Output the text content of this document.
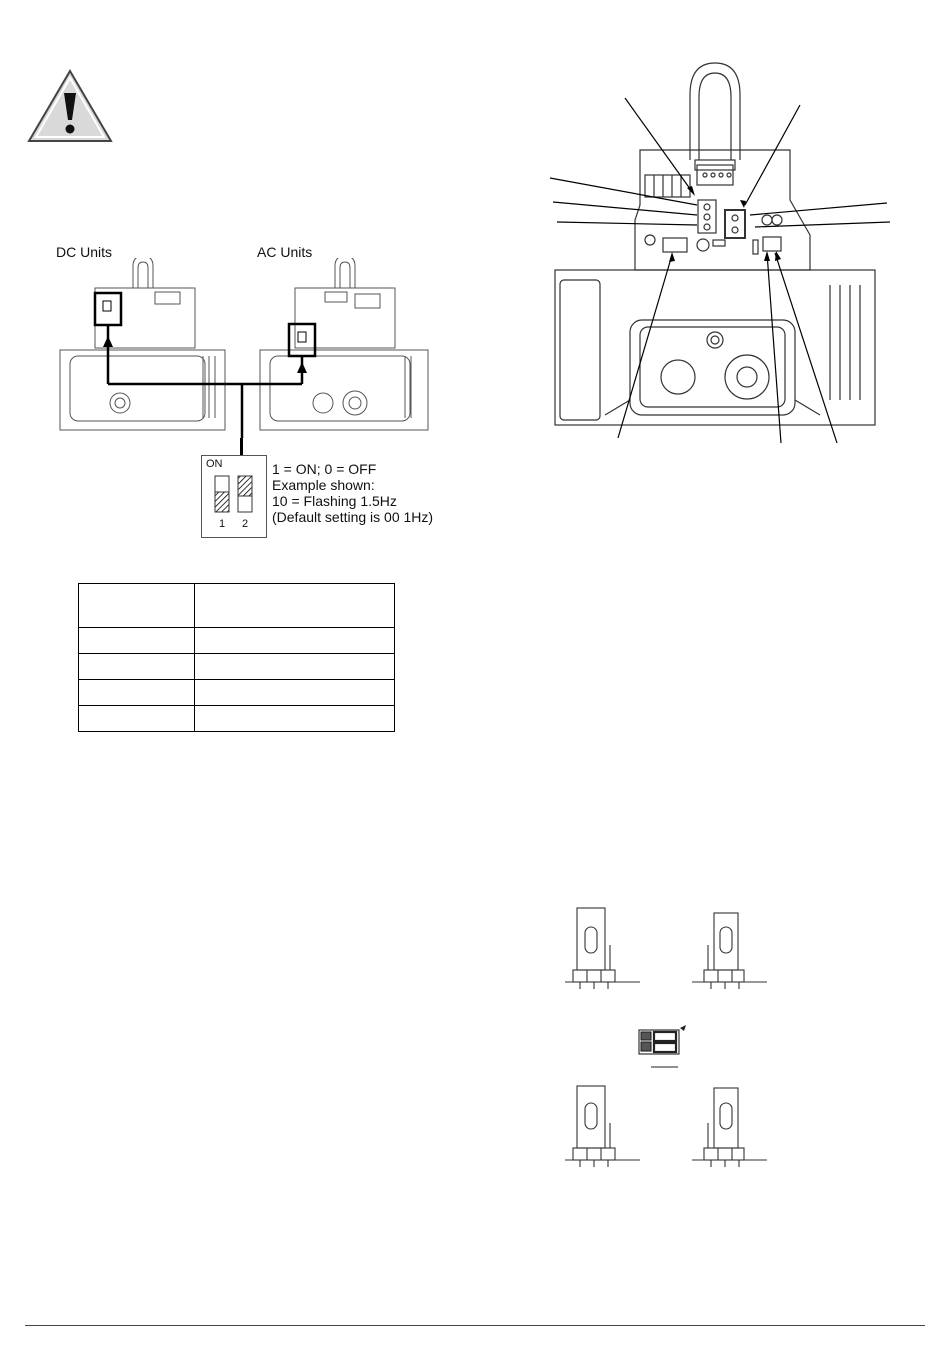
DC Units	AC Units
ON
1 2
1 = ON; 0 = OFF
Example shown:
10 = Flashing 1.5Hz
(Default setting is 00 1Hz)
